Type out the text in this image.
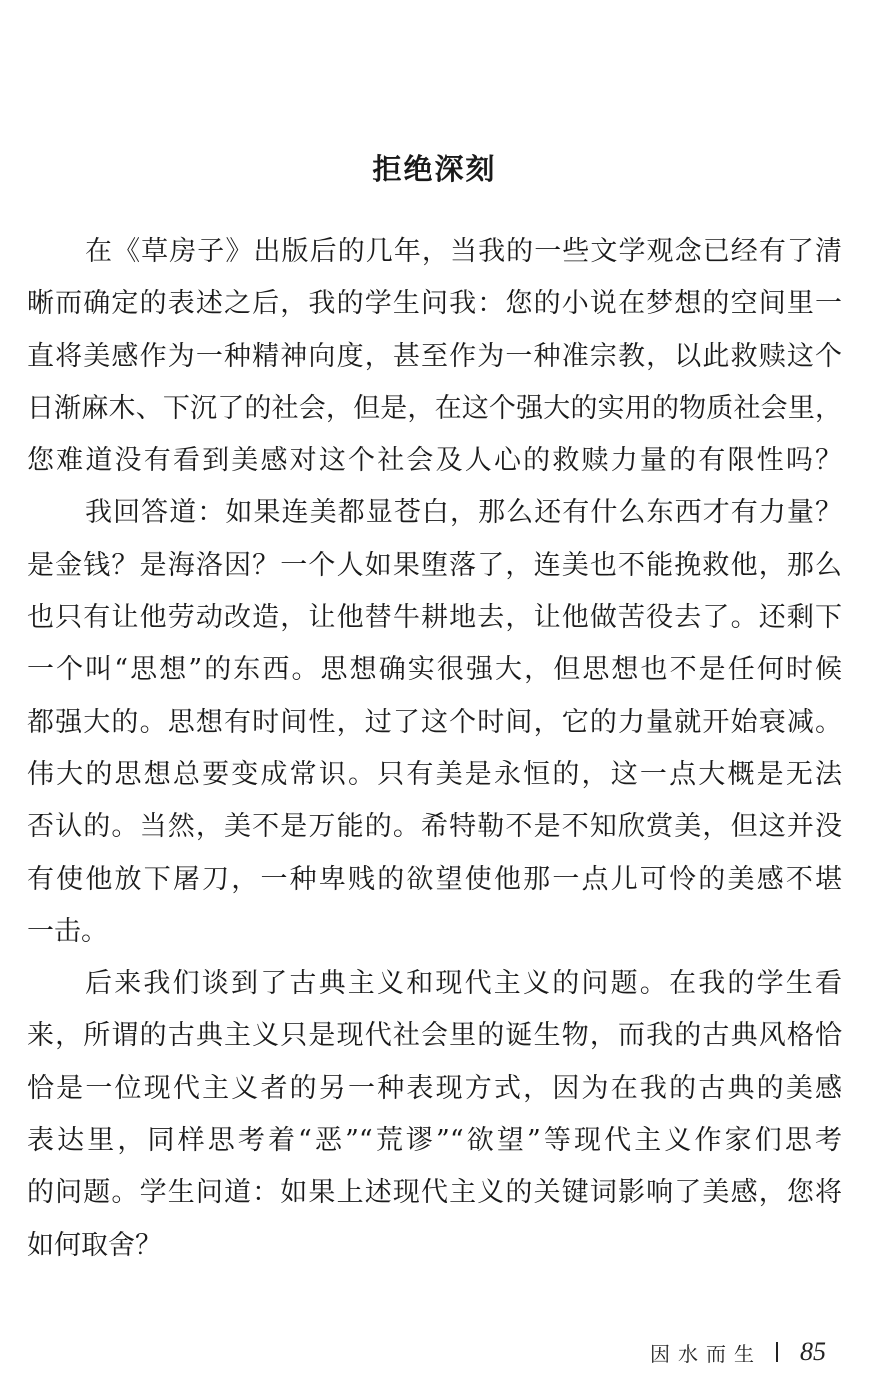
拒绝深刻
在《草房子》出版后的几年，当我的一些文学观念已经有了清
晰而确定的表述之后，我的学生问我：您的小说在梦想的空间里一
直将美感作为一种精神向度，甚至作为一种准宗教，以此救赎这个
日渐麻木、下沉了的社会，但是，在这个强大的实用的物质社会里，
您难道没有看到美感对这个社会及人心的救赎力量的有限性吗？
我回答道：如果连美都显苍白，那么还有什么东西才有力量？
是金钱？是海洛因？一个人如果堕落了，连美也不能挽救他，那么
也只有让他劳动改造，让他替牛耕地去，让他做苦役去了。还剩下
一个叫“思想”的东西。思想确实很强大，但思想也不是任何时候
都强大的。思想有时间性，过了这个时间，它的力量就开始衰减。
伟大的思想总要变成常识。只有美是永恒的，这一点大概是无法
否认的。当然，美不是万能的。希特勒不是不知欣赏美，但这并没
有使他放下屠刀，一种卑贱的欲望使他那一点儿可怜的美感不堪
一击。
后来我们谈到了古典主义和现代主义的问题。在我的学生看
来，所谓的古典主义只是现代社会里的诞生物，而我的古典风格恰
恰是一位现代主义者的另一种表现方式，因为在我的古典的美感
表达里，同样思考着“恶”“荒谬”“欲望”等现代主义作家们思考
的问题。学生问道：如果上述现代主义的关键词影响了美感，您将
如何取舍？
因水而生 85
